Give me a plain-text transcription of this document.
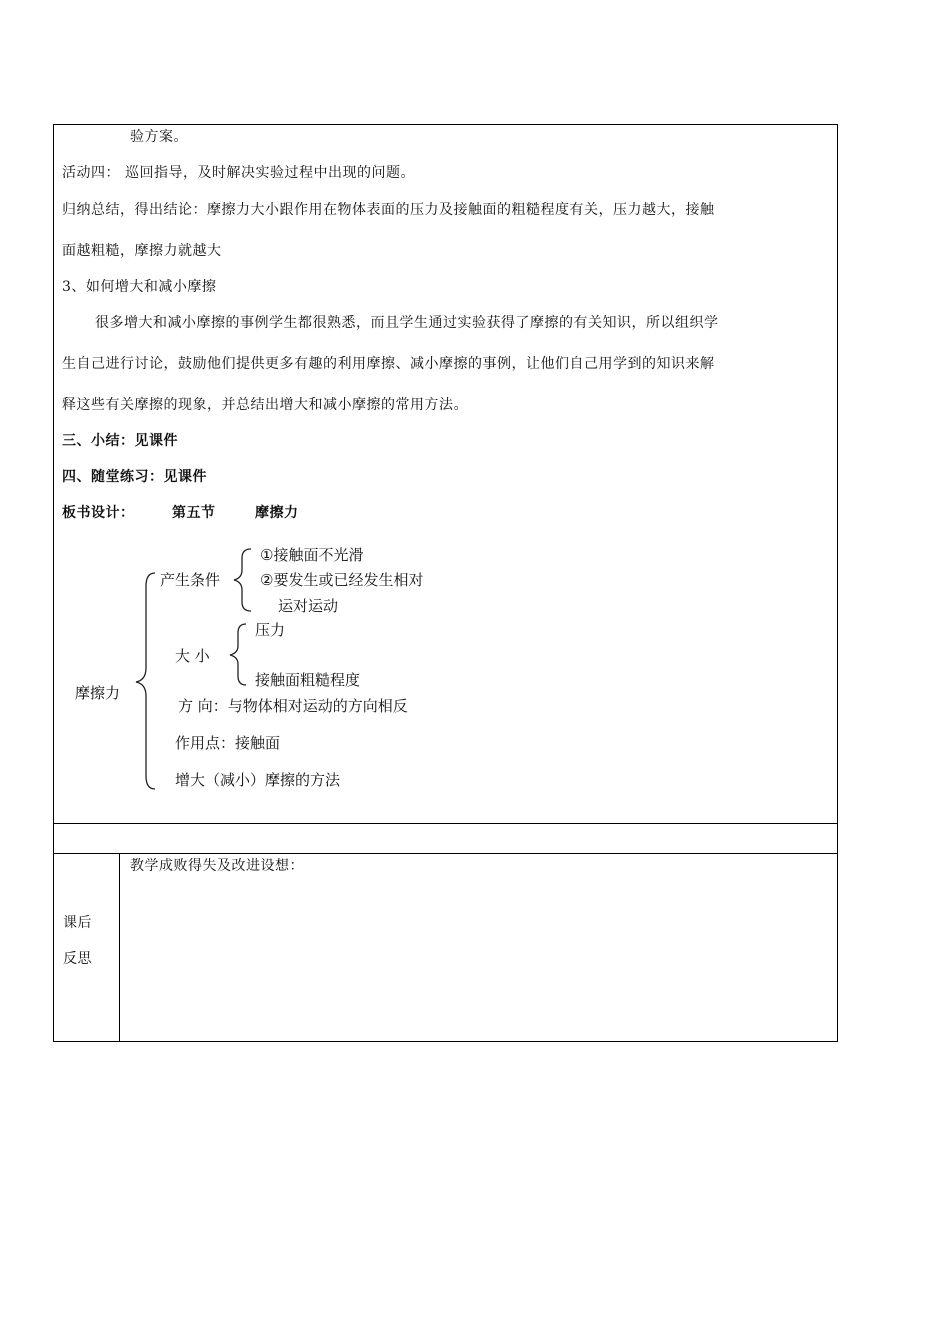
验方案。
活动四： 巡回指导，及时解决实验过程中出现的问题。
归纳总结，得出结论：摩擦力大小跟作用在物体表面的压力及接触面的粗糙程度有关，压力越大，接触
面越粗糙，摩擦力就越大
3、如何增大和减小摩擦
很多增大和减小摩擦的事例学生都很熟悉，而且学生通过实验获得了摩擦的有关知识，所以组织学
生自己进行讨论，鼓励他们提供更多有趣的利用摩擦、减小摩擦的事例，让他们自己用学到的知识来解
释这些有关摩擦的现象，并总结出增大和减小摩擦的常用方法。
三、小结：见课件
四、随堂练习：见课件
板书设计：	第五节	摩擦力
摩擦力
产生条件
①接触面不光滑
②要发生或已经发生相对
运对运动
大 小
压力
接触面粗糙程度
方 向：与物体相对运动的方向相反
作用点：接触面
增大（减小）摩擦的方法
课后
反思
教学成败得失及改进设想：
